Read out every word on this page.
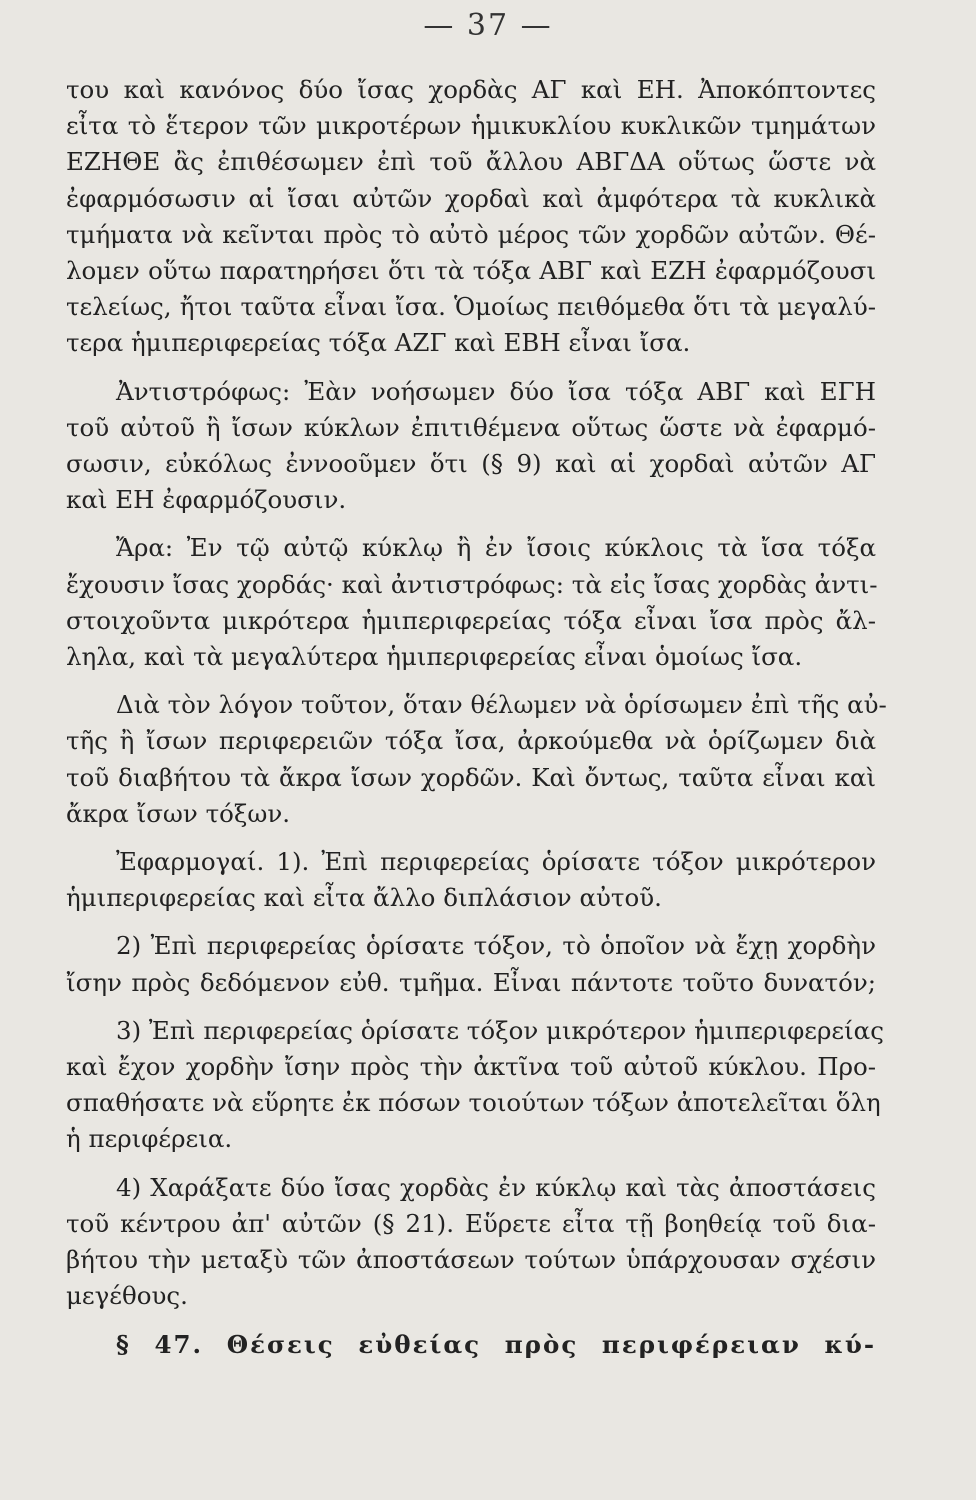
— 37 —
του καὶ κανόνος δύο ἴσας χορδὰς ΑΓ καὶ ΕΗ. Ἀποκόπτοντες
εἶτα τὸ ἕτερον τῶν μικροτέρων ἡμικυκλίου κυκλικῶν τμημάτων
ΕΖΗΘΕ ἂς ἐπιθέσωμεν ἐπὶ τοῦ ἄλλου ΑΒΓΔΑ οὕτως ὥστε νὰ
ἐφαρμόσωσιν αἱ ἴσαι αὐτῶν χορδαὶ καὶ ἀμφότερα τὰ κυκλικὰ
τμήματα νὰ κεῖνται πρὸς τὸ αὐτὸ μέρος τῶν χορδῶν αὐτῶν. Θέ-
λομεν οὕτω παρατηρήσει ὅτι τὰ τόξα ΑΒΓ καὶ ΕΖΗ ἐφαρμόζουσι
τελείως, ἤτοι ταῦτα εἶναι ἴσα. Ὁμοίως πειθόμεθα ὅτι τὰ μεγαλύ-
τερα ἡμιπεριφερείας τόξα ΑΖΓ καὶ ΕΒΗ εἶναι ἴσα.
Ἀντιστρόφως: Ἐὰν νοήσωμεν δύο ἴσα τόξα ΑΒΓ καὶ ΕΓΗ
τοῦ αὐτοῦ ἢ ἴσων κύκλων ἐπιτιθέμενα οὕτως ὥστε νὰ ἐφαρμό-
σωσιν, εὐκόλως ἐννοοῦμεν ὅτι (§ 9) καὶ αἱ χορδαὶ αὐτῶν ΑΓ
καὶ ΕΗ ἐφαρμόζουσιν.
Ἄρα: Ἐν τῷ αὐτῷ κύκλῳ ἢ ἐν ἴσοις κύκλοις τὰ ἴσα τόξα
ἔχουσιν ἴσας χορδάς· καὶ ἀντιστρόφως: τὰ εἰς ἴσας χορδὰς ἀντι-
στοιχοῦντα μικρότερα ἡμιπεριφερείας τόξα εἶναι ἴσα πρὸς ἄλ-
ληλα, καὶ τὰ μεγαλύτερα ἡμιπεριφερείας εἶναι ὁμοίως ἴσα.
Διὰ τὸν λόγον τοῦτον, ὅταν θέλωμεν νὰ ὁρίσωμεν ἐπὶ τῆς αὐ-
τῆς ἢ ἴσων περιφερειῶν τόξα ἴσα, ἀρκούμεθα νὰ ὁρίζωμεν διὰ
τοῦ διαβήτου τὰ ἄκρα ἴσων χορδῶν. Καὶ ὄντως, ταῦτα εἶναι καὶ
ἄκρα ἴσων τόξων.
Ἐφαρμογαί. 1). Ἐπὶ περιφερείας ὁρίσατε τόξον μικρότερον
ἡμιπεριφερείας καὶ εἶτα ἄλλο διπλάσιον αὐτοῦ.
2) Ἐπὶ περιφερείας ὁρίσατε τόξον, τὸ ὁποῖον νὰ ἔχῃ χορδὴν
ἴσην πρὸς δεδόμενον εὐθ. τμῆμα. Εἶναι πάντοτε τοῦτο δυνατόν;
3) Ἐπὶ περιφερείας ὁρίσατε τόξον μικρότερον ἡμιπεριφερείας
καὶ ἔχον χορδὴν ἴσην πρὸς τὴν ἀκτῖνα τοῦ αὐτοῦ κύκλου. Προ-
σπαθήσατε νὰ εὕρητε ἐκ πόσων τοιούτων τόξων ἀποτελεῖται ὅλη
ἡ περιφέρεια.
4) Χαράξατε δύο ἴσας χορδὰς ἐν κύκλῳ καὶ τὰς ἀποστάσεις
τοῦ κέντρου ἀπ' αὐτῶν (§ 21). Εὕρετε εἶτα τῇ βοηθείᾳ τοῦ δια-
βήτου τὴν μεταξὺ τῶν ἀποστάσεων τούτων ὑπάρχουσαν σχέσιν
μεγέθους.
§ 47. Θέσεις εὐθείας πρὸς περιφέρειαν κύ-
